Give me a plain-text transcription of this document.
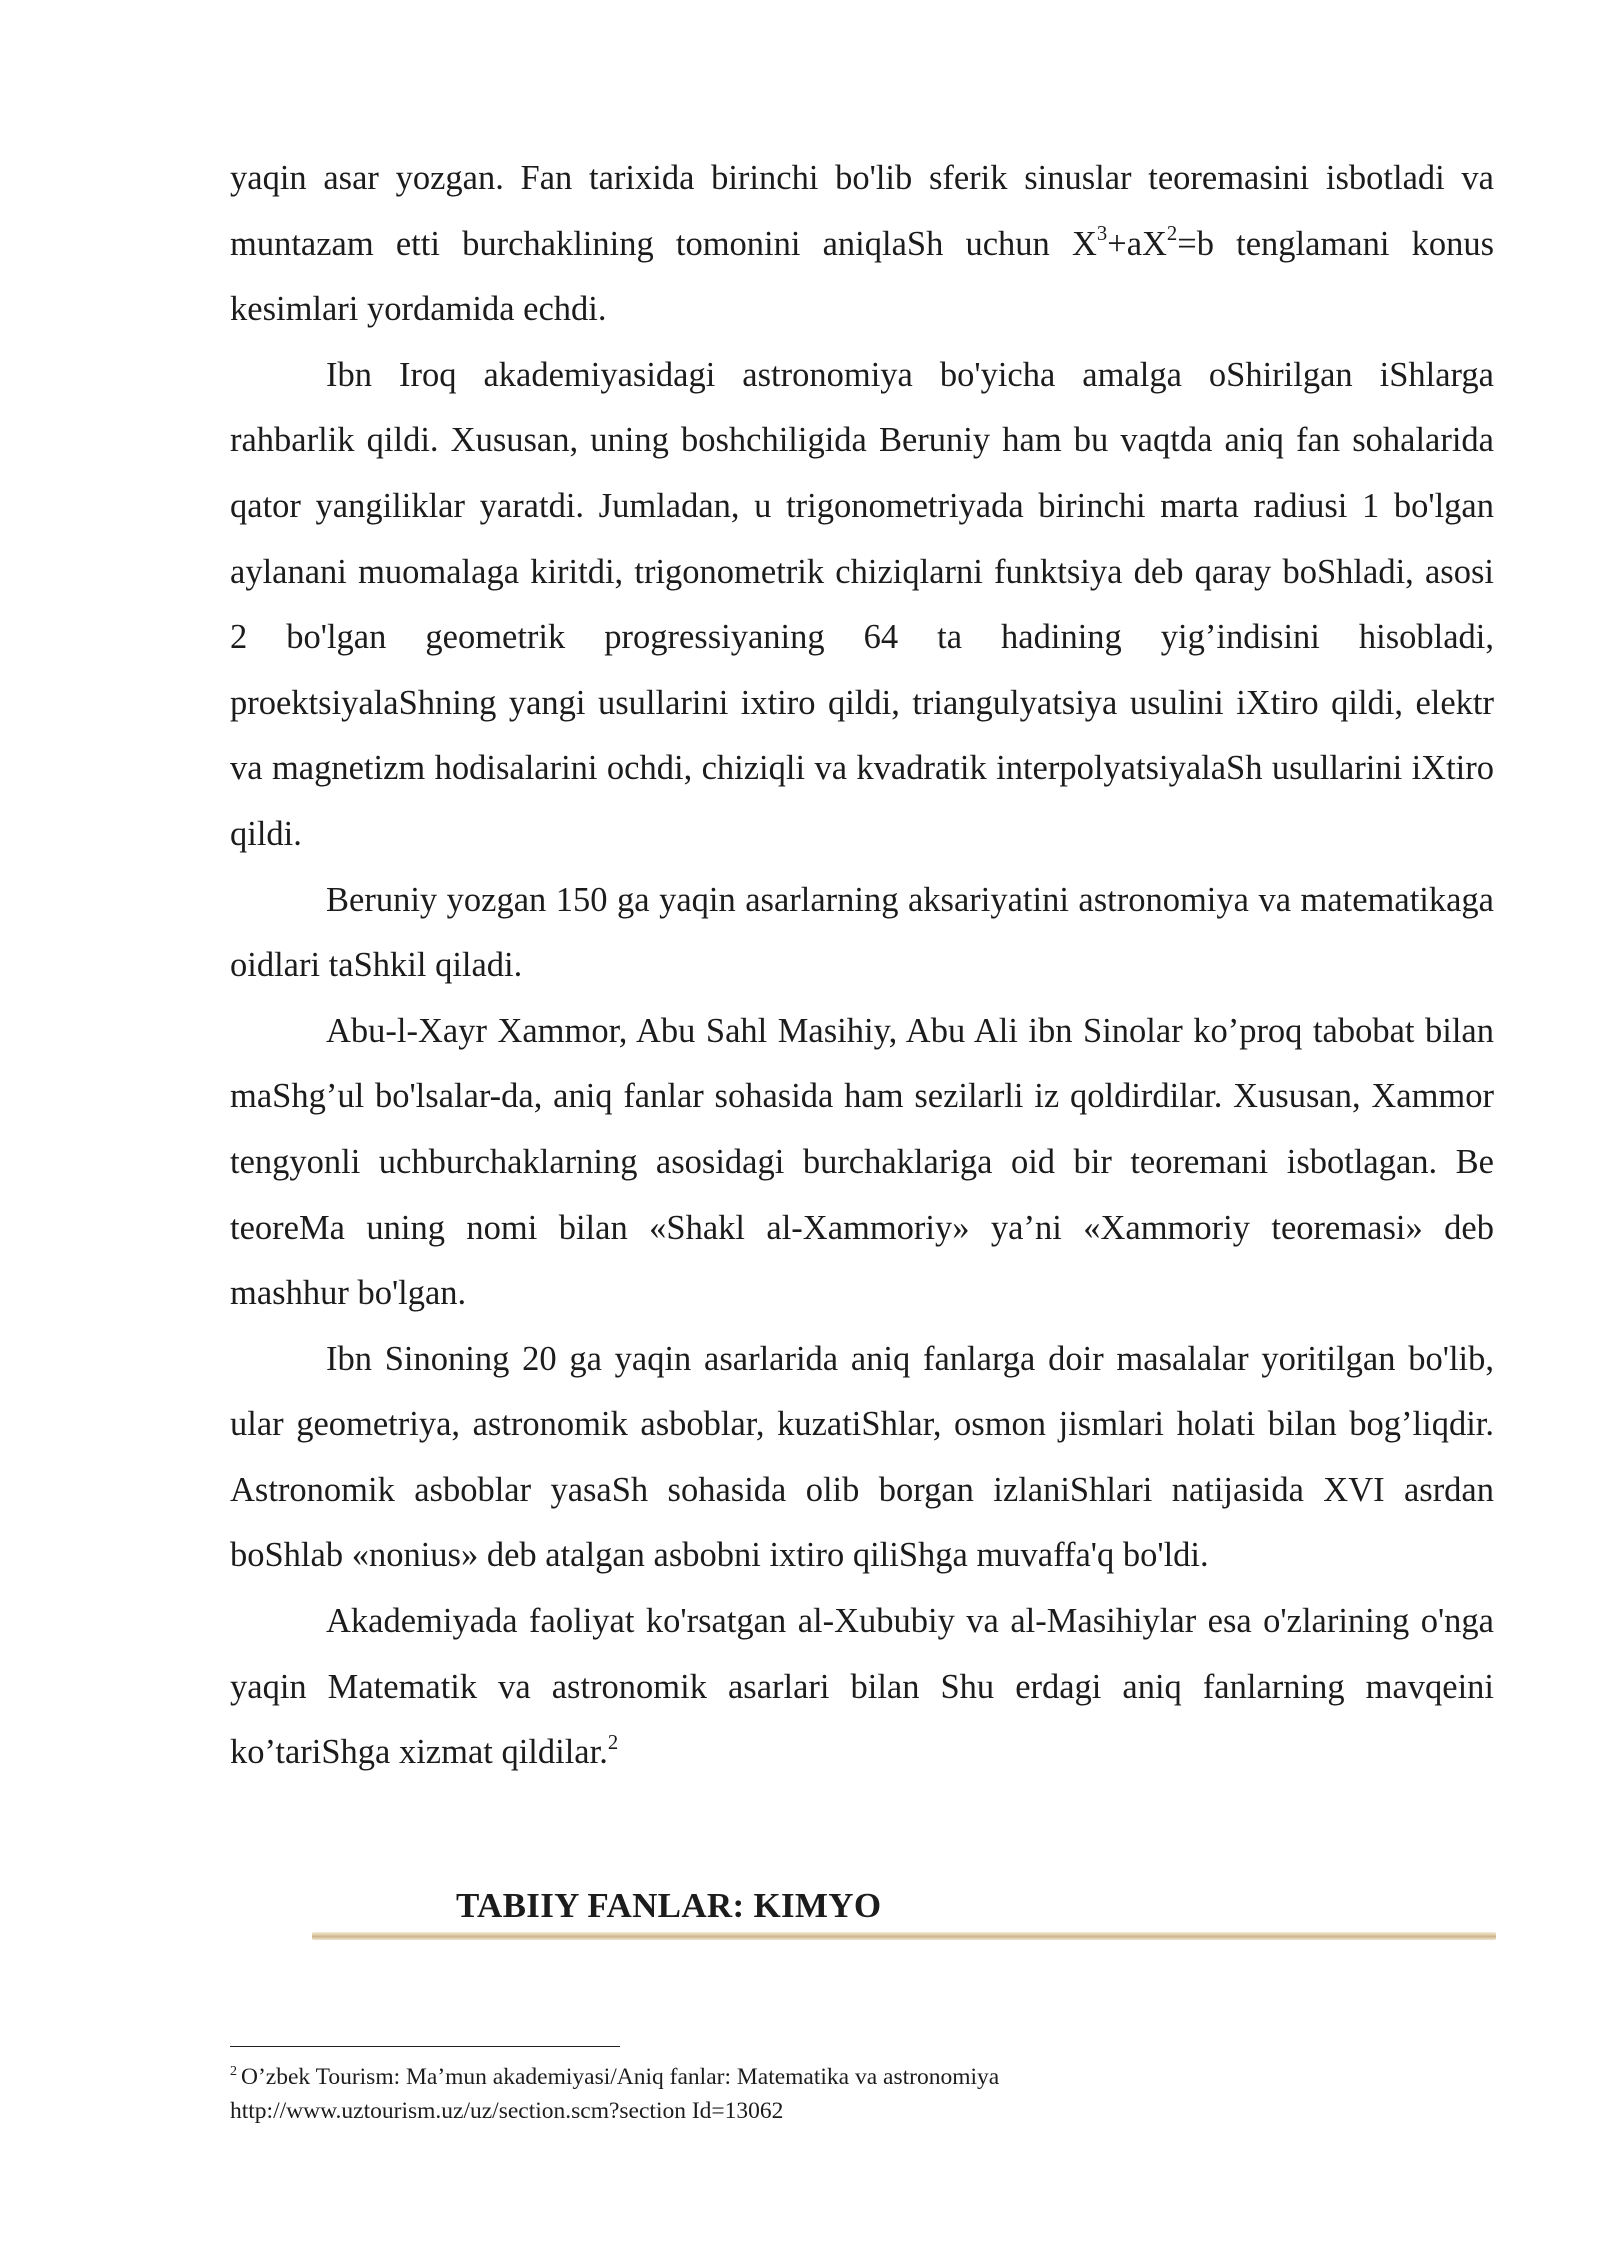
yaqin asar yozgan. Fan tarixida birinchi bo'lib sferik sinuslar teoremasini isbotladi va muntazam etti burchaklining tomonini aniqlaSh uchun $X^3+aX^2=b$ tenglamani konus kesimlari yordamida echdi.

Ibn Iroq akademiyasidagi astronomiya bo'yicha amalga oShirilgan iShlarga rahbarlik qildi. Xususan, uning boshchiligida Beruniy ham bu vaqtda aniq fan sohalarida qator yangiliklar yaratdi. Jumladan, u trigonometriyada birinchi marta radiusi 1 bo'lgan aylanani muomalaga kiritdi, trigonometrik chiziqlarni funktsiya deb qaray boShladi, asosi 2 bo'lgan geometrik progressiyaning 64 ta hadining yig’indisini hisobladi, proektsiyalaShning yangi usullarini ixtiro qildi, triangulyatsiya usulini iXtiro qildi, elektr va magnetizm hodisalarini ochdi, chiziqli va kvadratik interpolyatsiyalaSh usullarini iXtiro qildi.

Beruniy yozgan 150 ga yaqin asarlarning aksariyatini astronomiya va matematikaga oidlari taShkil qiladi.

Abu-l-Xayr Xammor, Abu Sahl Masihiy, Abu Ali ibn Sinolar ko’proq tabobat bilan maShg’ul bo'lsalar-da, aniq fanlar sohasida ham sezilarli iz qoldirdilar. Xususan, Xammor tengyonli uchburchaklarning asosidagi burchaklariga oid bir teoremani isbotlagan. Be teoreMa uning nomi bilan «Shakl al-Xammoriy» ya’ni «Xammoriy teoremasi» deb mashhur bo'lgan.

Ibn Sinoning 20 ga yaqin asarlarida aniq fanlarga doir masalalar yoritilgan bo'lib, ular geometriya, astronomik asboblar, kuzatiShlar, osmon jismlari holati bilan bog’liqdir. Astronomik asboblar yasaSh sohasida olib borgan izlaniShlari natijasida XVI asrdan boShlab «nonius» deb atalgan asbobni ixtiro qiliShga muvaffa'q bo'ldi.

Akademiyada faoliyat ko'rsatgan al-Xububiy va al-Masihiylar esa o'zlarining o'nga yaqin Matematik va astronomik asarlari bilan Shu erdagi aniq fanlarning mavqeini ko’tariShga xizmat qildilar.$^2$

TABIIY FANLAR: KIMYO
$^2$ O’zbek Tourism: Ma’mun akademiyasi/Aniq fanlar: Matematika va astronomiya
http://www.uztourism.uz/uz/section.scm?section Id=13062
